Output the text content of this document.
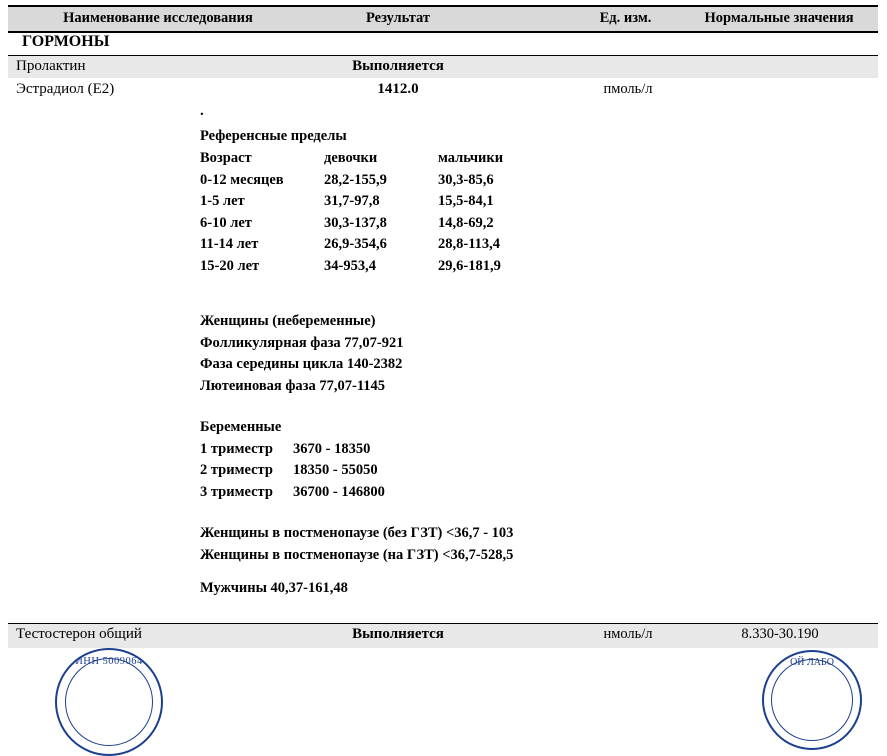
Наименование исследования	Результат	Ед. изм.	Нормальные значения
ГОРМОНЫ
Пролактин	Выполняется
Эстрадиол (Е2)	1412.0	пмоль/л
.
Референсные пределы
Возраст	девочки	мальчики
0-12 месяцев	28,2-155,9	30,3-85,6
1-5 лет	31,7-97,8	15,5-84,1
6-10 лет	30,3-137,8	14,8-69,2
11-14 лет	26,9-354,6	28,8-113,4
15-20 лет	34-953,4	29,6-181,9
Женщины (небеременные)
Фолликулярная фаза 77,07-921
Фаза середины цикла 140-2382
Лютеиновая фаза 77,07-1145
Беременные
1 триместр	3670 - 18350
2 триместр	18350 - 55050
3 триместр	36700 - 146800
Женщины в постменопаузе (без ГЗТ) <36,7 - 103
Женщины в постменопаузе (на ГЗТ) <36,7-528,5
Мужчины 40,37-161,48
Тестостерон общий	Выполняется	нмоль/л	8.330-30.190
ИНН 5009064	ОЙ ЛАБО
